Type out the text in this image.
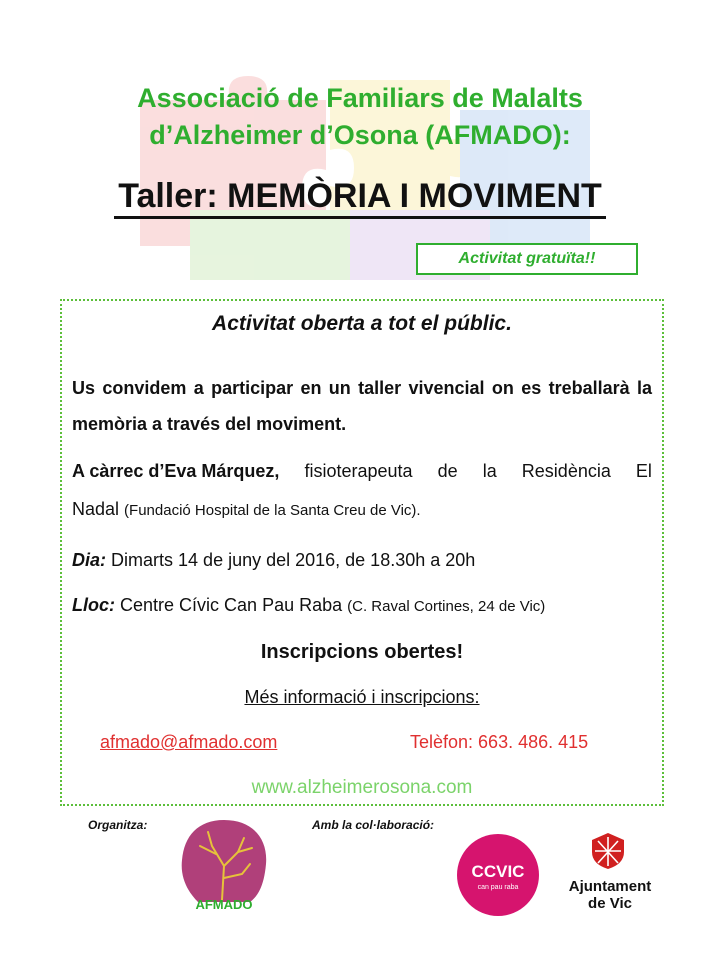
Associació de Familiars de Malalts
d’Alzheimer d’Osona (AFMADO):
Taller: MEMÒRIA I MOVIMENT
Activitat gratuïta!!
Activitat oberta a tot el públic.
Us convidem a participar en un taller vivencial on es treballarà la memòria a través del moviment.
A càrrec d’Eva Márquez, fisioterapeuta de la Residència El
Nadal (Fundació Hospital de la Santa Creu de Vic).
Dia: Dimarts 14 de juny del 2016, de 18.30h a 20h
Lloc: Centre Cívic Can Pau Raba (C. Raval Cortines, 24 de Vic)
Inscripcions obertes!
Més informació i inscripcions:
afmado@afmado.com	Telèfon: 663. 486. 415
www.alzheimerosona.com
Organitza:	Amb la col·laboració:
AFMADO
CCVIC
can pau raba	Ajuntament
de Vic
